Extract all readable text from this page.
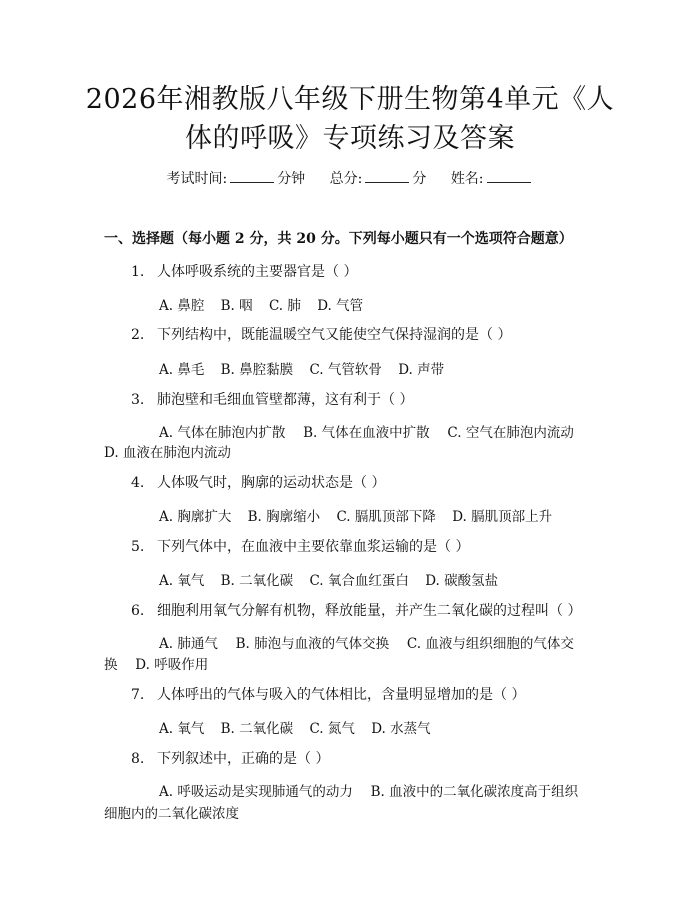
2026年湘教版八年级下册生物第4单元《人
体的呼吸》专项练习及答案
考试时间:	分钟 总分:	分 姓名:
一、选择题（每小题 2 分，共 20 分。下列每小题只有一个选项符合题意）
1. 人体呼吸系统的主要器官是（ ）
A. 鼻腔 B. 咽 C. 肺 D. 气管
2. 下列结构中，既能温暖空气又能使空气保持湿润的是（ ）
A. 鼻毛 B. 鼻腔黏膜 C. 气管软骨 D. 声带
3. 肺泡壁和毛细血管壁都薄，这有利于（ ）
A. 气体在肺泡内扩散　 B. 气体在血液中扩散　 C. 空气在肺泡内流动
D. 血液在肺泡内流动
4. 人体吸气时，胸廓的运动状态是（ ）
A. 胸廓扩大 B. 胸廓缩小 C. 膈肌顶部下降 D. 膈肌顶部上升
5. 下列气体中，在血液中主要依靠血浆运输的是（ ）
A. 氧气 B. 二氧化碳 C. 氧合血红蛋白 D. 碳酸氢盐
6. 细胞利用氧气分解有机物，释放能量，并产生二氧化碳的过程叫（ ）
A. 肺通气　 B. 肺泡与血液的气体交换　 C. 血液与组织细胞的气体交
换　 D. 呼吸作用
7. 人体呼出的气体与吸入的气体相比，含量明显增加的是（ ）
A. 氧气 B. 二氧化碳 C. 氮气 D. 水蒸气
8. 下列叙述中，正确的是（ ）
A. 呼吸运动是实现肺通气的动力　 B. 血液中的二氧化碳浓度高于组织
细胞内的二氧化碳浓度
